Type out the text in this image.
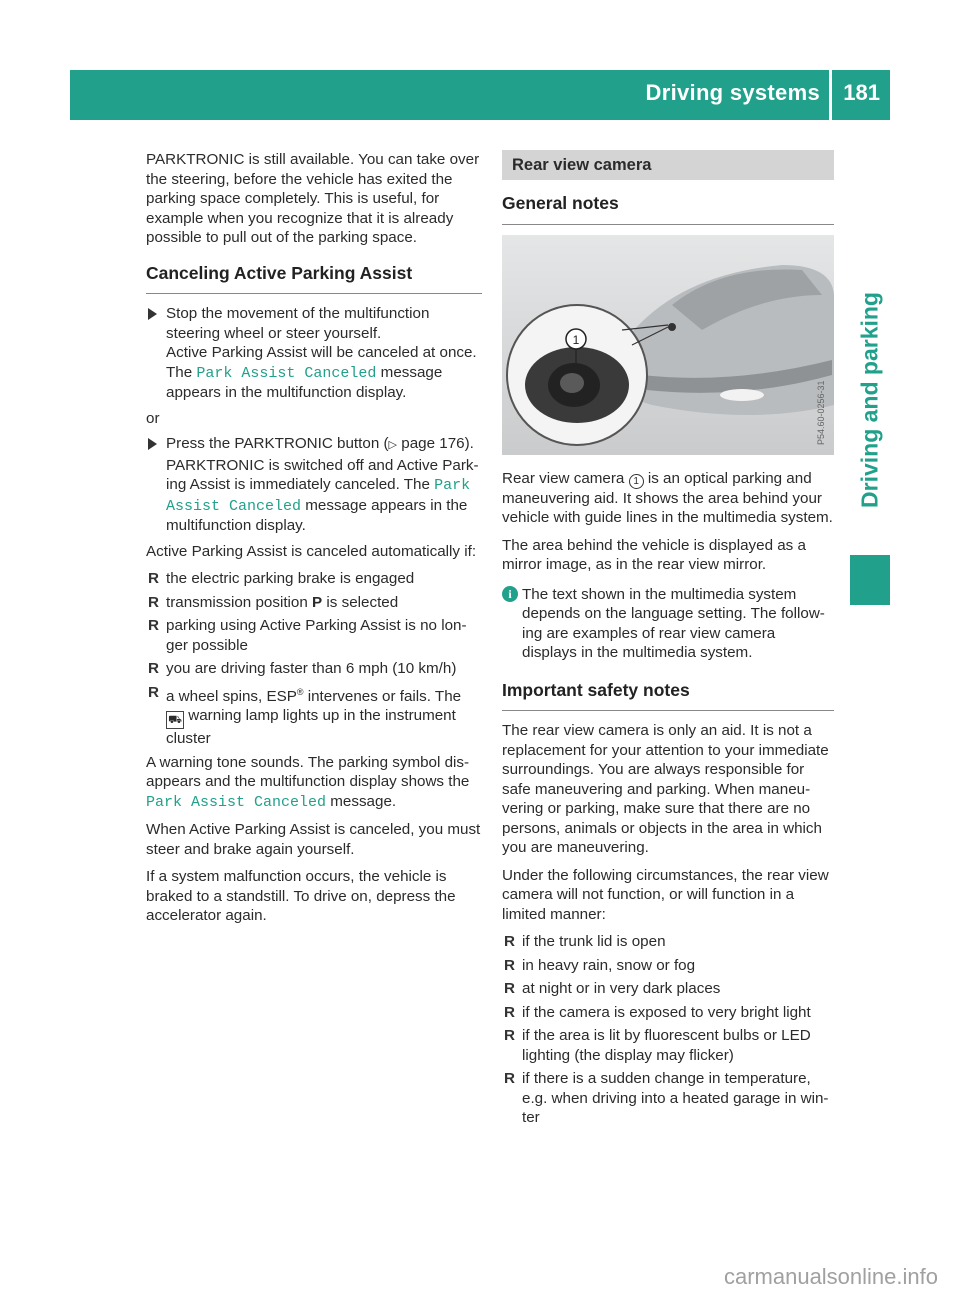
Driving systems 181
Driving and parking

PARKTRONIC is still available. You can take over the steering, before the vehicle has exited the parking space completely. This is useful, for example when you recognize that it is already possible to pull out of the parking space.

Canceling Active Parking Assist
Stop the movement of the multifunction steering wheel or steer yourself.
Active Parking Assist will be canceled at once. The Park Assist Canceled message appears in the multifunction display.

or

Press the PARKTRONIC button (▷ page 176). PARKTRONIC is switched off and Active Parking Assist is immediately canceled. The Park Assist Canceled message appears in the multifunction display.

Active Parking Assist is canceled automatically if:

R the electric parking brake is engaged
R transmission position P is selected
R parking using Active Parking Assist is no longer possible
R you are driving faster than 6 mph (10 km/h)
R a wheel spins, ESP® intervenes or fails. The
⛟ warning lamp lights up in the instrument cluster

A warning tone sounds. The parking symbol disappears and the multifunction display shows the Park Assist Canceled message.

When Active Parking Assist is canceled, you must steer and brake again yourself.

If a system malfunction occurs, the vehicle is braked to a standstill. To drive on, depress the accelerator again.

Rear view camera
General notes
1
P54.60-0256-31

Rear view camera 1 is an optical parking and maneuvering aid. It shows the area behind your vehicle with guide lines in the multimedia system.

The area behind the vehicle is displayed as a mirror image, as in the rear view mirror.

i The text shown in the multimedia system depends on the language setting. The following are examples of rear view camera displays in the multimedia system.
Important safety notes

The rear view camera is only an aid. It is not a replacement for your attention to your immediate surroundings. You are always responsible for safe maneuvering and parking. When maneuvering or parking, make sure that there are no persons, animals or objects in the area in which you are maneuvering.

Under the following circumstances, the rear view camera will not function, or will function in a limited manner:

R if the trunk lid is open
R in heavy rain, snow or fog
R at night or in very dark places
R if the camera is exposed to very bright light
R if the area is lit by fluorescent bulbs or LED lighting (the display may flicker)
R if there is a sudden change in temperature, e.g. when driving into a heated garage in winter
carmanualsonline.info
